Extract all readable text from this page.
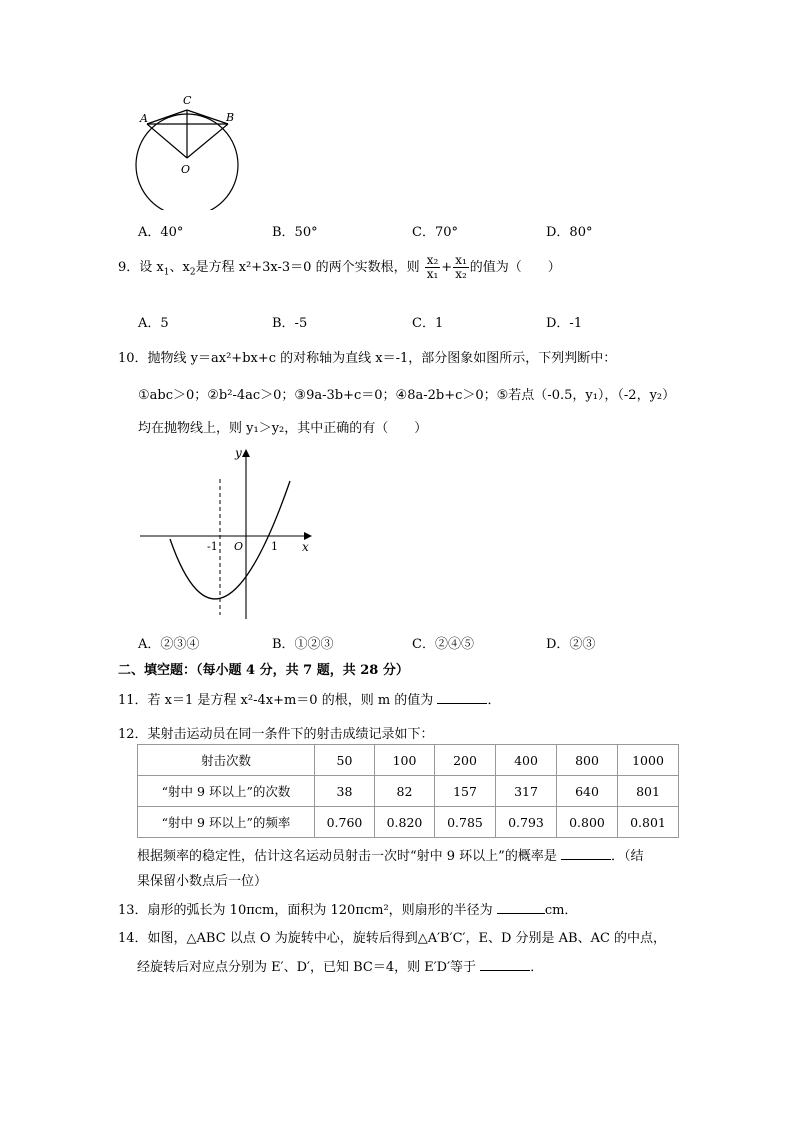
A
C
B
O
A．40°	B．50°	C．70°	D．80°
9．设 $x_1$、$x_2$是方程 x²+3x-3＝0 的两个实数根，则 $\frac{\text{x₂}}{\text{x₁}} + \frac{\text{x₁}}{\text{x₂}}$ 的值为（　　）
A．5	B．-5	C．1	D．-1
10．抛物线 y＝ax²+bx+c 的对称轴为直线 x＝-1，部分图象如图所示，下列判断中：
①abc＞0；②b²-4ac＞0；③9a-3b+c＝0；④8a-2b+c＞0；⑤若点（-0.5，y₁），（-2，y₂）
均在抛物线上，则 y₁＞y₂，其中正确的有（　　）
y
x
O
-1	1
A．②③④	B．①②③	C．②④⑤	D．②③
二、填空题：（每小题 4 分，共 7 题，共 28 分）
11．若 x＝1 是方程 x²-4x+m＝0 的根，则 m 的值为	．
12．某射击运动员在同一条件下的射击成绩记录如下：
射击次数	50	100	200	400	800	1000
“射中 9 环以上”的次数	38	82	157	317	640	801
“射中 9 环以上”的频率	0.760	0.820	0.785	0.793	0.800	0.801
根据频率的稳定性，估计这名运动员射击一次时“射中 9 环以上”的概率是	．（结
果保留小数点后一位）
13．扇形的弧长为 10πcm，面积为 120πcm²，则扇形的半径为	cm．
14．如图，△ABC 以点 O 为旋转中心，旋转后得到△A′B′C′，E、D 分别是 AB、AC 的中点，
经旋转后对应点分别为 E′、D′，已知 BC＝4，则 E′D′等于	．
